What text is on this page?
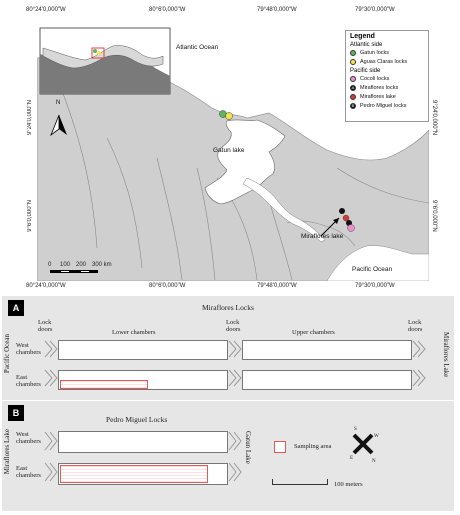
80°24'0,000"W	80°6'0,000"W	79°48'0,000"W	79°30'0,000"W
80°24'0,000"W	80°6'0,000"W	79°48'0,000"W	79°30'0,000"W
9°24'0,000"N
9°6'0,000"N
9°24'0,000"N
9°6'0,000"N
N
Atlantic Ocean
Gatun lake
Miraflores lake
Pacific Ocean
0 100 200 300 km
Legend
Atlantic side
Gatun locks
Aguas Claras locks
Pacific side
Cocoli locks
A	Miraflores locks
Miraflores lake
B	Pedro Miguel locks
A	Miraflores Locks
Lock doors
Lock doors
Lock doors
Lower chambers	Upper chambers
Pacific Ocean	Miraflores Lake
West chambers
East chambers
B
Pedro Miguel Locks
Miraflores Lake	Gatun Lake
West chambers
East chambers
Sampling area
100 meters
S
W
E
N
